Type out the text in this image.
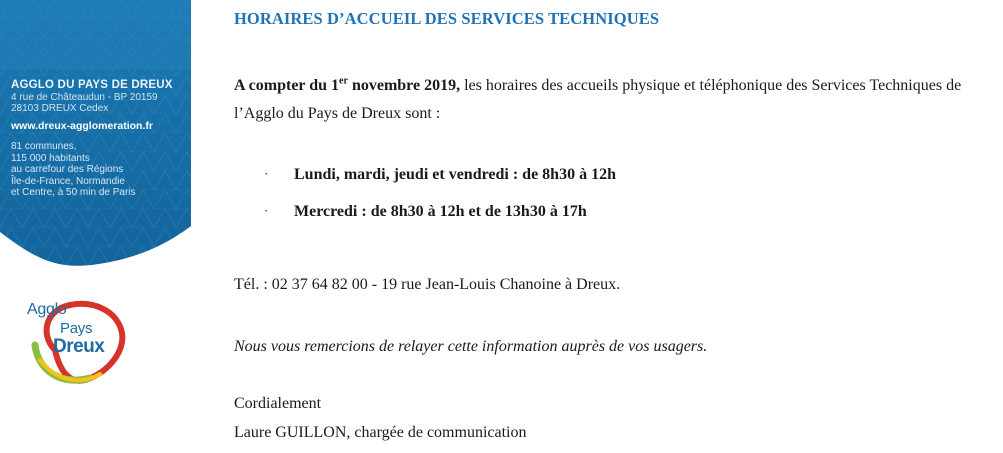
AGGLO DU PAYS DE DREUX
4 rue de Châteaudun - BP 20159
28103 DREUX Cedex
www.dreux-agglomeration.fr
81 communes,
115 000 habitants
au carrefour des Régions
Île-de-France, Normandie
et Centre, à 50 min de Paris
Agglo
Pays
Dreux
HORAIRES D’ACCUEIL DES SERVICES TECHNIQUES

A compter du 1er novembre 2019, les horaires des accueils physique et téléphonique des Services Techniques de l’Agglo du Pays de Dreux sont :

· Lundi, mardi, jeudi et vendredi : de 8h30 à 12h

· Mercredi : de 8h30 à 12h et de 13h30 à 17h

Tél. : 02 37 64 82 00 - 19 rue Jean-Louis Chanoine à Dreux.

Nous vous remercions de relayer cette information auprès de vos usagers.

Cordialement

Laure GUILLON, chargée de communication
